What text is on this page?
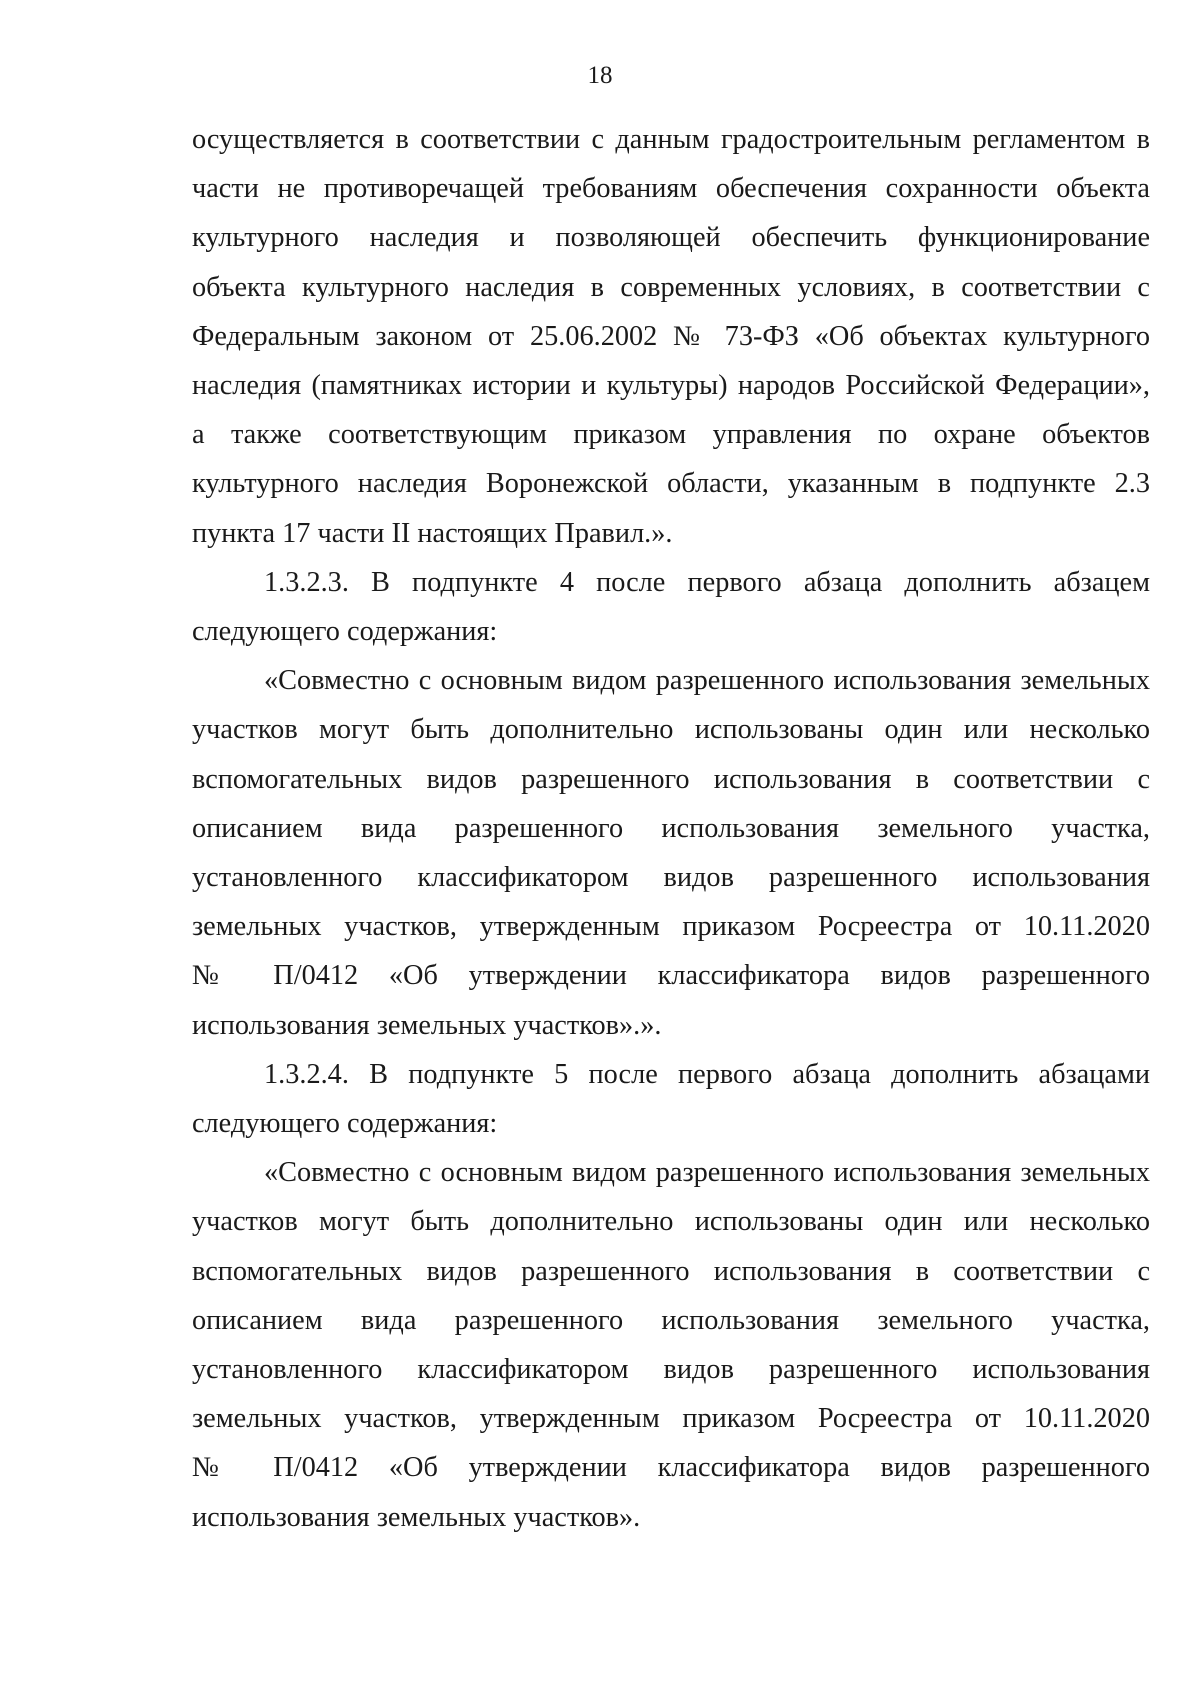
18
осуществляется в соответствии с данным градостроительным регламентом в
части не противоречащей требованиям обеспечения сохранности объекта
культурного наследия и позволяющей обеспечить функционирование
объекта культурного наследия в современных условиях, в соответствии с
Федеральным законом от 25.06.2002 № 73-ФЗ «Об объектах культурного
наследия (памятниках истории и культуры) народов Российской Федерации»,
а также соответствующим приказом управления по охране объектов
культурного наследия Воронежской области, указанным в подпункте 2.3
пункта 17 части II настоящих Правил.».
1.3.2.3. В подпункте 4 после первого абзаца дополнить абзацем
следующего содержания:
«Совместно с основным видом разрешенного использования земельных
участков могут быть дополнительно использованы один или несколько
вспомогательных видов разрешенного использования в соответствии с
описанием вида разрешенного использования земельного участка,
установленного классификатором видов разрешенного использования
земельных участков, утвержденным приказом Росреестра от 10.11.2020
№ П/0412 «Об утверждении классификатора видов разрешенного
использования земельных участков».».
1.3.2.4. В подпункте 5 после первого абзаца дополнить абзацами
следующего содержания:
«Совместно с основным видом разрешенного использования земельных
участков могут быть дополнительно использованы один или несколько
вспомогательных видов разрешенного использования в соответствии с
описанием вида разрешенного использования земельного участка,
установленного классификатором видов разрешенного использования
земельных участков, утвержденным приказом Росреестра от 10.11.2020
№ П/0412 «Об утверждении классификатора видов разрешенного
использования земельных участков».
